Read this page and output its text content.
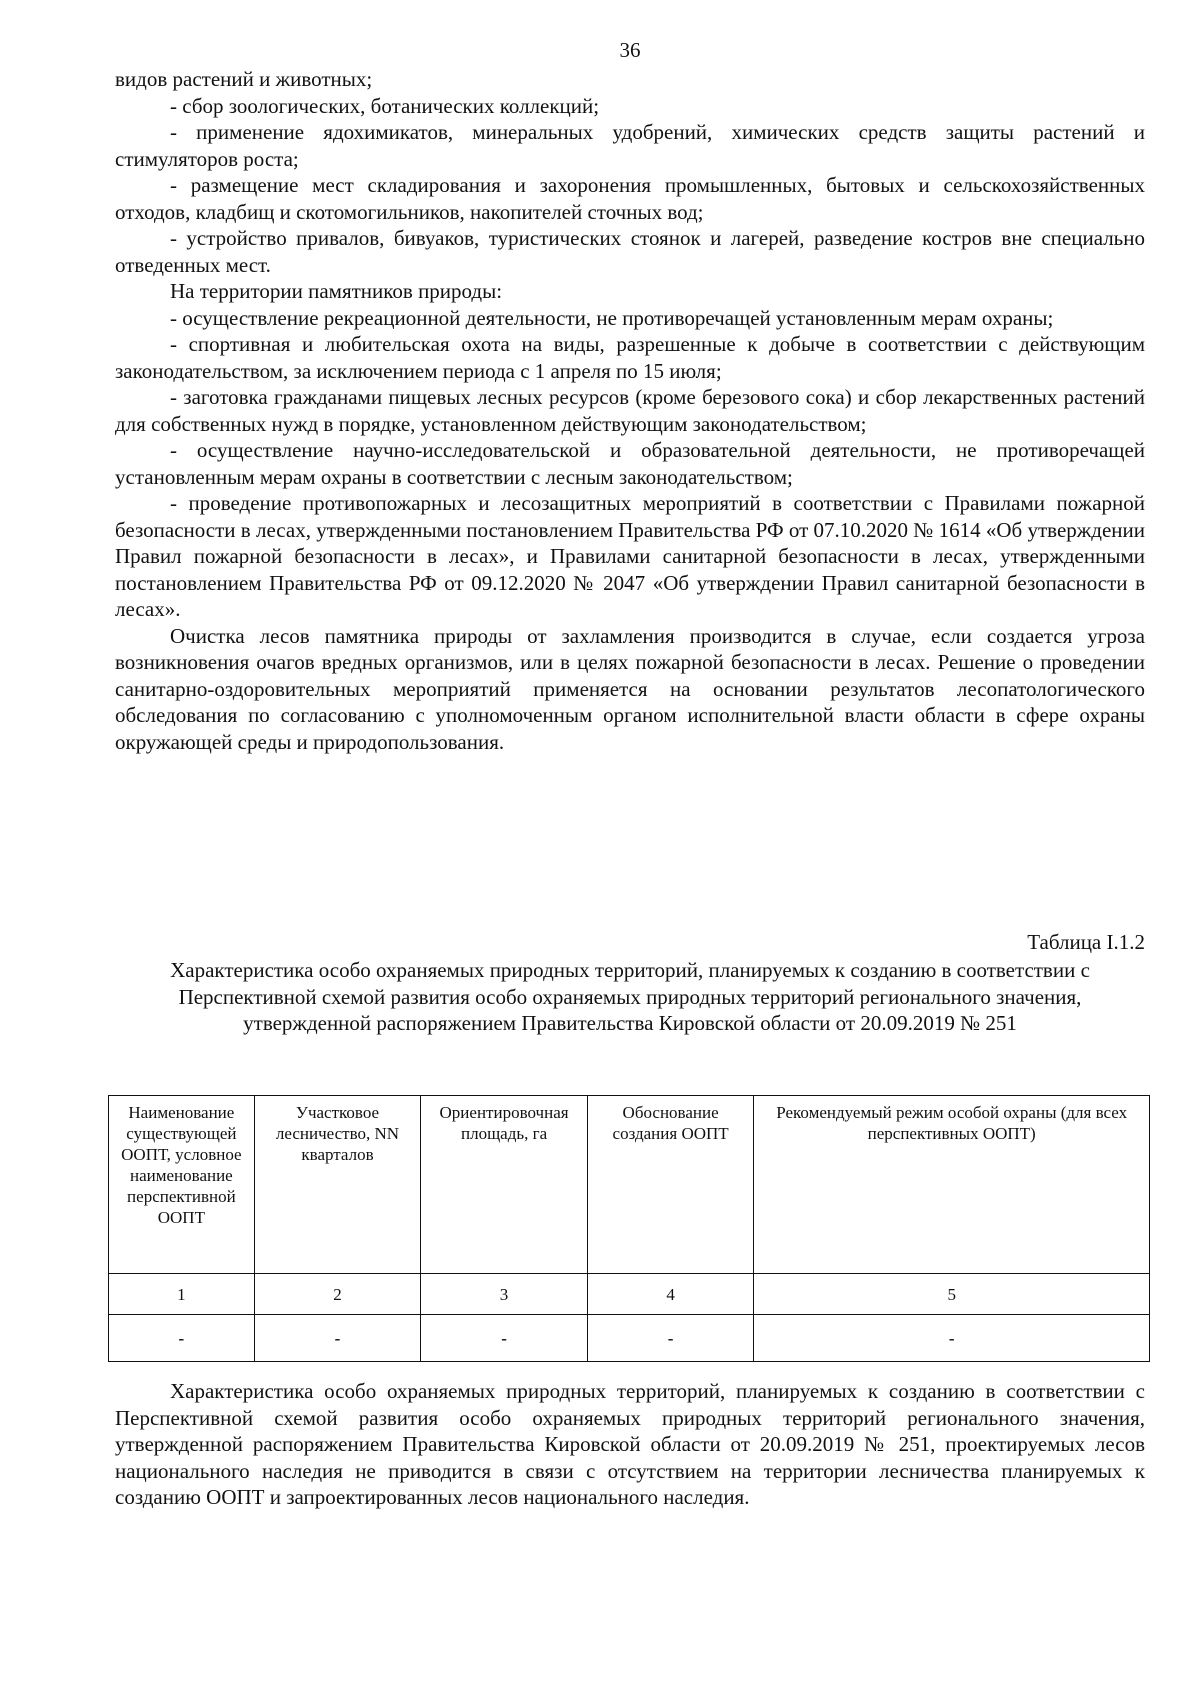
36

видов растений и животных;

- сбор зоологических, ботанических коллекций;

- применение ядохимикатов, минеральных удобрений, химических средств защиты растений и стимуляторов роста;

- размещение мест складирования и захоронения промышленных, бытовых и сельскохозяйственных отходов, кладбищ и скотомогильников, накопителей сточных вод;

- устройство привалов, бивуаков, туристических стоянок и лагерей, разведение костров вне специально отведенных мест.

На территории памятников природы:

- осуществление рекреационной деятельности, не противоречащей установленным мерам охраны;

- спортивная и любительская охота на виды, разрешенные к добыче в соответствии с действующим законодательством, за исключением периода с 1 апреля по 15 июля;

- заготовка гражданами пищевых лесных ресурсов (кроме березового сока) и сбор лекарственных растений для собственных нужд в порядке, установленном действующим законодательством;

- осуществление научно-исследовательской и образовательной деятельности, не противоречащей установленным мерам охраны в соответствии с лесным законодательством;

- проведение противопожарных и лесозащитных мероприятий в соответствии с Правилами пожарной безопасности в лесах, утвержденными постановлением Правительства РФ от 07.10.2020 № 1614 «Об утверждении Правил пожарной безопасности в лесах», и Правилами санитарной безопасности в лесах, утвержденными постановлением Правительства РФ от 09.12.2020 № 2047 «Об утверждении Правил санитарной безопасности в лесах».

Очистка лесов памятника природы от захламления производится в случае, если создается угроза возникновения очагов вредных организмов, или в целях пожарной безопасности в лесах. Решение о проведении санитарно-оздоровительных мероприятий применяется на основании результатов лесопатологического обследования по согласованию с уполномоченным органом исполнительной власти области в сфере охраны окружающей среды и природопользования.

Таблица I.1.2
Характеристика особо охраняемых природных территорий, планируемых к созданию в соответствии с Перспективной схемой развития особо охраняемых природных территорий регионального значения, утвержденной распоряжением Правительства Кировской области от 20.09.2019 № 251
Наименование существующей ООПТ, условное наименование перспективной ООПТ	Участковое лесничество, NN кварталов	Ориентировочная площадь, га	Обоснование создания ООПТ	Рекомендуемый режим особой охраны (для всех перспективных ООПТ)
1	2	3	4	5
-	-	-	-	-

Характеристика особо охраняемых природных территорий, планируемых к созданию в соответствии с Перспективной схемой развития особо охраняемых природных территорий регионального значения, утвержденной распоряжением Правительства Кировской области от 20.09.2019 № 251, проектируемых лесов национального наследия не приводится в связи с отсутствием на территории лесничества планируемых к созданию ООПТ и запроектированных лесов национального наследия.
